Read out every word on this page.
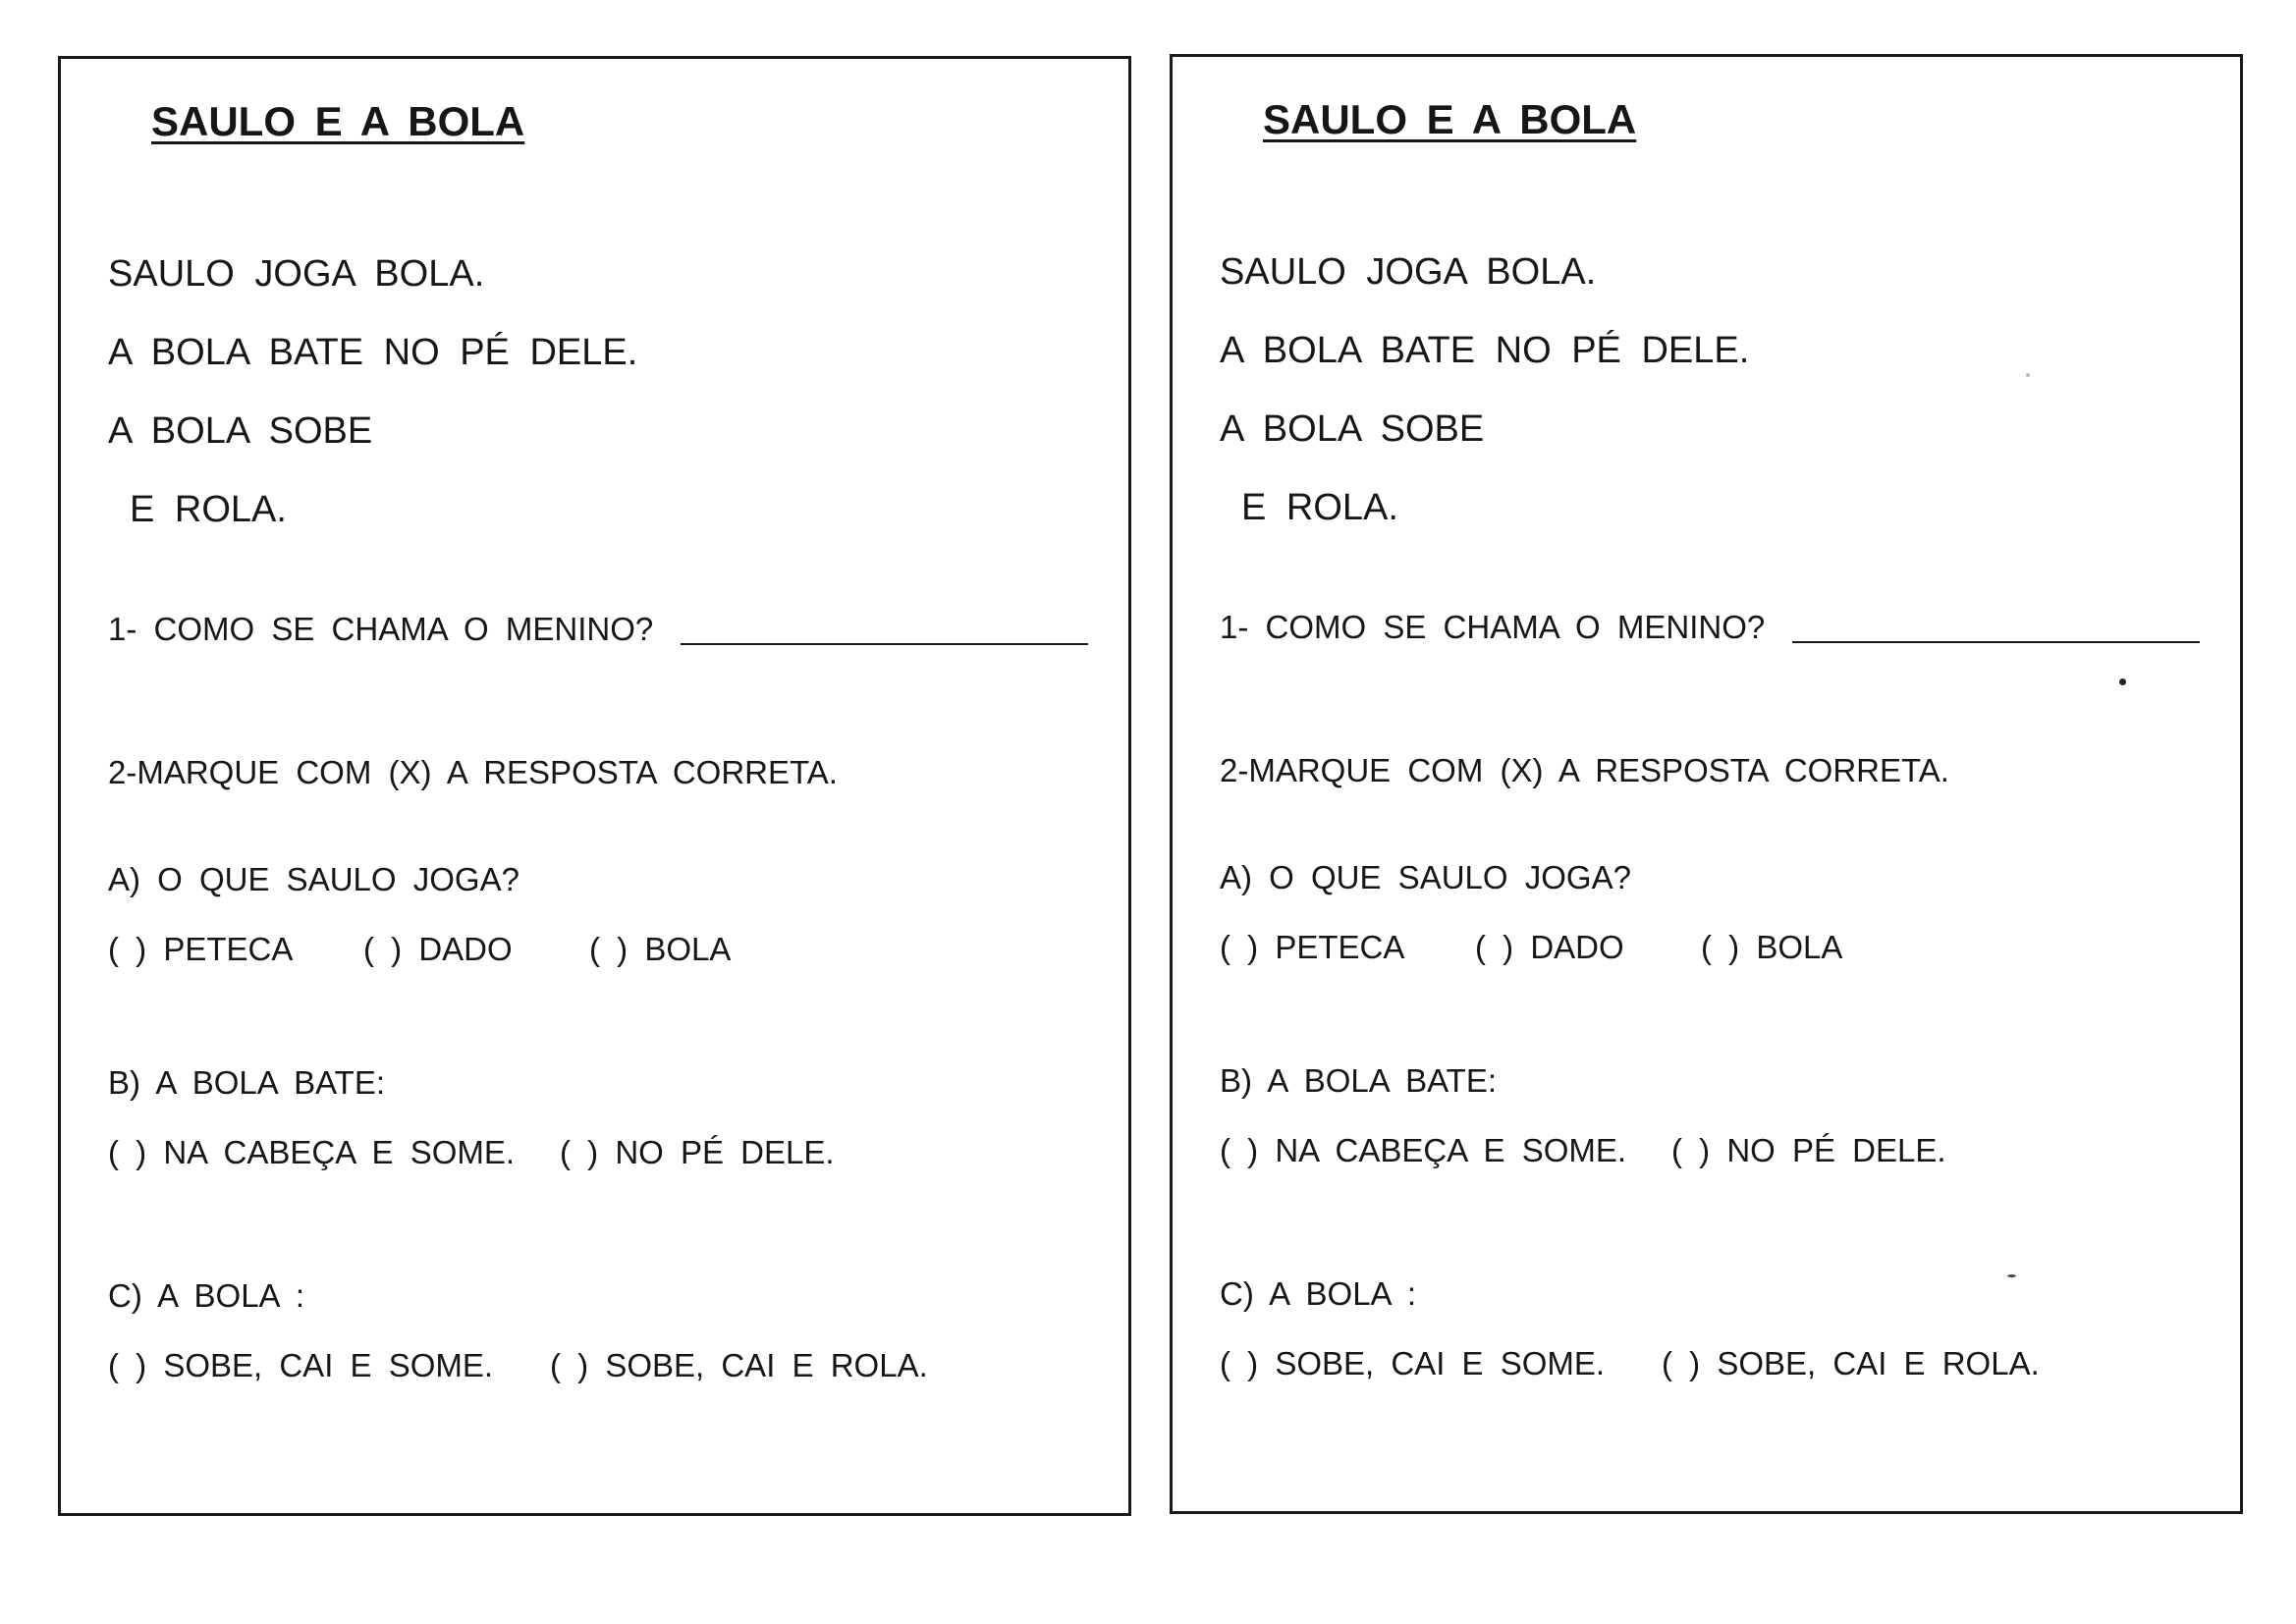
SAULO E A BOLA
SAULO JOGA BOLA.
A BOLA BATE NO PÉ DELE.
A BOLA SOBE
E ROLA.
1- COMO SE CHAMA O MENINO?
2-MARQUE COM (X) A RESPOSTA CORRETA.
A) O QUE SAULO JOGA?
( ) PETECA ( ) DADO ( ) BOLA
B) A BOLA BATE:
( ) NA CABEÇA E SOME. ( ) NO PÉ DELE.
C) A BOLA :
( ) SOBE, CAI E SOME. ( ) SOBE, CAI E ROLA.
SAULO E A BOLA
SAULO JOGA BOLA.
A BOLA BATE NO PÉ DELE.
A BOLA SOBE
E ROLA.
1- COMO SE CHAMA O MENINO?
2-MARQUE COM (X) A RESPOSTA CORRETA.
A) O QUE SAULO JOGA?
( ) PETECA ( ) DADO ( ) BOLA
B) A BOLA BATE:
( ) NA CABEÇA E SOME. ( ) NO PÉ DELE.
C) A BOLA :
( ) SOBE, CAI E SOME. ( ) SOBE, CAI E ROLA.
